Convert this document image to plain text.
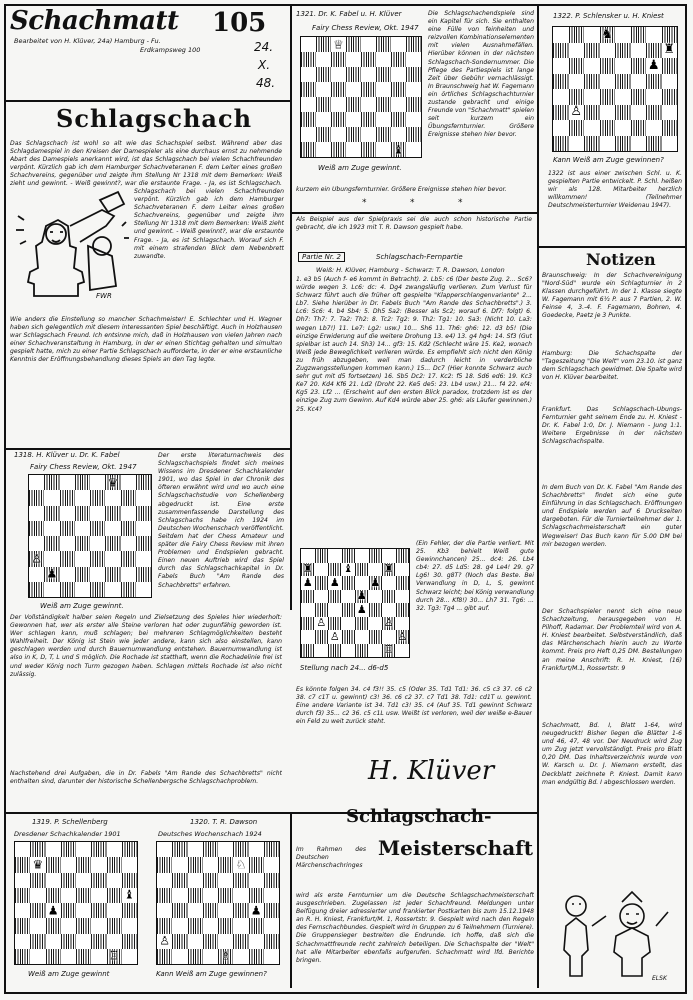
Schachmatt 105
Bearbeitet von H. Klüver, 24a) Hamburg - Fu.
Erdkampsweg 100	24.
X.
48.
Schlagschach
FWR
Das Schlagschach ist wohl so alt wie das Schachspiel selbst. Während aber das Schlagdamespiel in den Kreisen der Damespieler als eine durchaus ernst zu nehmende Abart des Damespiels anerkannt wird, ist das Schlagschach bei vielen Schachfreunden verpönt. Kürzlich gab ich dem Hamburger Schachveteranen F. dem Leiter eines großen Schachvereins, gegenüber und zeigte ihm Stellung Nr 1318 mit dem Bemerken: Weiß zieht und gewinnt. - Weiß gewinnt?, war die erstaunte Frage. - Ja, es ist Schlagschach.
Schlagschach bei vielen Schachfreunden verpönt. Kürzlich gab ich dem Hamburger Schachveteranen F. dem Leiter eines großen Schachvereins, gegenüber und zeigte ihm Stellung Nr 1318 mit dem Bemerken: Weiß zieht und gewinnt. - Weiß gewinnt?, war die erstaunte Frage. - Ja, es ist Schlagschach. Worauf sich F. mit einem strafenden Blick dem Nebenbrett zuwandte.
Wie anders die Einstellung so mancher Schachmeister! E. Schlechter und H. Wagner haben sich gelegentlich mit diesem interessanten Spiel beschäftigt. Auch in Holzhausen war Schlagschach Freund. Ich entsinne mich, daß in Holzhausen von vielen Jahren nach einer Schachveranstaltung in Hamburg, in der er einen Stichtag gehalten und simultan gespielt hatte, mich zu einer Partie Schlagschach aufforderte, in der er eine erstaunliche Kenntnis der Eröffnungsbehandlung dieses Spiels an den Tag legte.
1318. H. Klüver u. Dr. K. Fabel
Fairy Chess Review, Okt. 1947
♛
♙
♟
Weiß am Zuge gewinnt.
Der erste literaturnachweis des Schlagschachspiels findet sich meines Wissens im Dresdener Schachkalender 1901, wo das Spiel in der Chronik des öfteren erwähnt wird und wo auch eine Schlagschachstudie von Schellenberg abgedruckt ist. Eine erste zusammenfassende Darstellung des Schlagschachs habe ich 1924 im Deutschen Wochenschach veröffentlicht. Seitdem hat der Chess Amateur und später die Fairy Chess Review mit ihren Problemen und Endspielen gebracht. Einen neuen Auftrieb wird das Spiel durch das Schlagschachkapitel in Dr. Fabels Buch "Am Rande des Schachbretts" erfahren.
Der Vollständigkeit halber seien Regeln und Zielsetzung des Spieles hier wiederholt: Gewonnen hat, wer als erster alle Steine verloren hat oder zugunfähig geworden ist. Wer schlagen kann, muß schlagen; bei mehreren Schlagmöglichkeiten besteht Wahlfreiheit. Der König ist Stein wie jeder andere, kann sich also einstellen, kann geschlagen werden und durch Bauernumwandlung entstehen. Bauernumwandlung ist also in K, D, T, L und S möglich. Die Rochade ist statthaft, wenn die Rochadelinie frei ist und weder König noch Turm gezogen haben. Schlagen mittels Rochade ist also nicht zulässig.
Nachstehend drei Aufgaben, die in Dr. Fabels "Am Rande des Schachbretts" nicht enthalten sind, darunter der historische Schellenbergsche Schlagschachproblem.
1319. P. Schellenberg
Dresdener Schachkalender 1901
♛
♝
♟
♖
Weiß am Zuge gewinnt
1320. T. R. Dawson
Deutsches Wochenschach 1924
♘
♟
♙
♗
Kann Weiß am Zuge gewinnen?
1321. Dr. K. Fabel u. H. Klüver
Fairy Chess Review, Okt. 1947
♕
♝
Weiß am Zuge gewinnt.
Die Schlagschachendspiele sind ein Kapitel für sich. Sie enthalten eine Fülle von feinheiten und reizvollen Kombinationselementen mit vielen Ausnahmefällen. Hierüber können in der nächsten Schlagschach-Sondernummer. Die Pflege des Partiespiels ist lange Zeit über Gebühr vernachlässigt. In Braunschweig hat W. Fagemann ein örtliches Schlagschachturnier zustande gebracht und einige Freunde von "Schachmatt" spielen seit kurzem ein Übungsfernturnier. Größere Ereignisse stehen hier bevor.
kurzem ein Übungsfernturnier. Größere Ereignisse stehen hier bevor.
*	*	*
Als Beispiel aus der Spielpraxis sei die auch schon historische Partie gebracht, die ich 1923 mit T. R. Dawson gespielt habe.
Partie Nr. 2	Schlagschach-Fernpartie
Weiß: H. Klüver, Hamburg - Schwarz: T. R. Dawson, London
1. e3 b5 (Auch f- e6 kommt in Betracht). 2. Lb5: c6 (Der beste Zug. 2... Sc6? würde wegen 3. Lc6: dc: 4. Dg4 zwangsläufig verlieren. Zum Verlust für Schwarz führt auch die früher oft gespielte "Klapperschlangenvariante" 2... Lb7. Siehe hierüber in Dr. Fabels Buch "Am Rande des Schachbretts".) 3. Lc6: Sc6: 4. b4 Sb4: 5. Dh5 Sa2: (Besser als Sc2; worauf 6. Df7: folgt) 6. Dh7: Th7: 7. Ta2: Th2: 8. Tc2: Tg2: 9. Th2: Tg1: 10. Sa3: (Nicht 10. La3: wegen Lb7!) 11. Le7: Lg2: usw.) 10... Sh6 11. Th6: gh6: 12. d3 b5! (Die einzige Erwiderung auf die weitere Drohung 13. e4) 13. g4 hg4: 14. Sf3 (Gut spielbar ist auch 14. Sh3) 14... gf3: 15. Kd2 (Schlecht wäre 15. Ke2, wonach Weiß jede Beweglichkeit verlieren würde. Es empfiehlt sich nicht den König zu früh abzugeben, weil man dadurch leicht in verderbliche Zugzwangsstellungen kommen kann.) 15... Dc7 (Hier konnte Schwarz auch sehr gut mit d5 fortsetzen) 16. Sb5 Dc2: 17. Kc2: f5 18. Sd6 ed6: 19. Kc3 Ke7 20. Kd4 Kf6 21. Ld2 (Droht 22. Ke5 de5: 23. Lb4 usw.) 21... f4 22. ef4: Kg5 23. Lf2 ... (Erscheint auf den ersten Blick paradox, trotzdem ist es der einzige Zug zum Gewinn. Auf Kd4 würde aber 25. gh6: als Läufer gewinnen.) 25. Kc4?
♜	♝	♜
♟ ♟	♟
♟
♟
♙	♙
♙	♙
♖
Stellung nach 24... d6-d5
(Ein Fehler, der die Partie verliert. Mit 25. Kb3 behielt Weiß gute Gewinnchancen) 25... dc4: 26. Lb4 cb4: 27. d5 Ld5: 28. g4 Le4! 29. g7 Lg6! 30. g8T? (Noch das Beste. Bei Verwandlung in D, L, S, gewinnt Schwarz leicht; bei König verwandlung durch 28... Kf8!) 30... Lh7 31. Tg6: ... 32. Tg3: Tg4 ... gibt auf.
Es könnte folgen 34. c4 f3!! 35. c5 (Oder 35. Td1 Td1: 36. c5 c3 37. c6 c2 38. c7 c1T u. gewinnt) c3! 36. c6 c2 37. c7 Td1 38. Td1: cd1T u. gewinnt. Eine andere Variante ist 34. Td1 c3! 35. c4 (Auf 35. Td1 gewinnt Schwarz durch f3) 35... c2 36. c5 c1L usw. Weißt ist verloren, weil der weiße e-Bauer ein Feld zu weit zurück steht.
H. Klüver
Schlagschach-
Meisterschaft
Im Rahmen des Deutschen Märchenschachringes
wird als erste Fernturnier um die Deutsche Schlagschachmeisterschaft ausgeschrieben. Zugelassen ist jeder Schachfreund. Meldungen unter Beifügung dreier adressierter und frankierter Postkarten bis zum 15.12.1948 an R. H. Kniest, Frankfurt/M. 1, Rossertstr. 9. Gespielt wird nach den Regeln des Fernschachbundes. Gespielt wird in Gruppen zu 6 Teilnehmern (Turniere). Die Gruppensieger bestreiten die Endrunde. Ich hoffe, daß sich die Schachmattfreunde recht zahlreich beteiligen. Die Schachspalte der "Welt" hat alle Mitarbeiter ebenfalls aufgerufen. Schachmatt wird lfd. Berichte bringen.
1322. P. Schlensker u. H. Kniest
♞
♜
♟
♙
Kann Weiß am Zuge gewinnen?
1322 ist aus einer zwischen Schl. u. K. gespielten Partie entwickelt. P. Schl. heißen wir als 128. Mitarbeiter herzlich willkommen! (Teilnehmer Deutschmeisterturnier Weidenau 1947).
Notizen
Braunschweig: In der Schachvereinigung "Nord-Süd" wurde ein Schlagturnier in 2 Klassen durchgeführt. In der 1. Klasse siegte W. Fagemann mit 6½ P. aus 7 Partien, 2. W. Feinse 4, 3.-4. F. Fagemann, Bohren, 4. Goedecke, Paetz je 3 Punkte.
Hamburg: Die Schachspalte der "Tageszeitung "Die Welt" vom 23.10. ist ganz dem Schlagschach gewidmet. Die Spalte wird von H. Klüver bearbeitet.
Frankfurt. Das Schlagschach-Übungs-Fernturnier geht seinem Ende zu. H. Kniest - Dr. K. Fabel 1:0, Dr. J. Niemann - Jung 1:1. Weitere Ergebnisse in der nächsten Schlagschachspalte.
In dem Buch von Dr. K. Fabel "Am Rande des Schachbretts" findet sich eine gute Einführung in das Schlagschach. Eröffnungen und Endspiele werden auf 6 Druckseiten dargeboten. Für die Turnierteilnehmer der 1. Schlagschachmeisterschaft ein guter Wegweiser! Das Buch kann für 5.00 DM bei mir bezogen werden.
Der Schachspieler nennt sich eine neue Schachzeitung, herausgegeben von H. Pilhoff, Radamar. Der Problemteil wird von A. H. Kniest bearbeitet. Selbstverständlich, daß das Märchenschach hierin auch zu Worte kommt. Preis pro Heft 0,25 DM. Bestellungen an meine Anschrift: R. H. Kniest, (16) Frankfurt/M.1, Rossertstr. 9
Schachmatt, Bd. I, Blatt 1-64, wird neugedruckt! Bisher liegen die Blätter 1-6 und 46, 47, 48 vor. Der Neudruck wird Zug um Zug jetzt vervollständigt. Preis pro Blatt 0,20 DM. Das Inhaltsverzeichnis wurde von W. Karsch u. Dr. J. Niemann erstellt, das Deckblatt zeichnete P. Kniest. Damit kann man endgültig Bd. I abgeschlossen werden.
ELSK
